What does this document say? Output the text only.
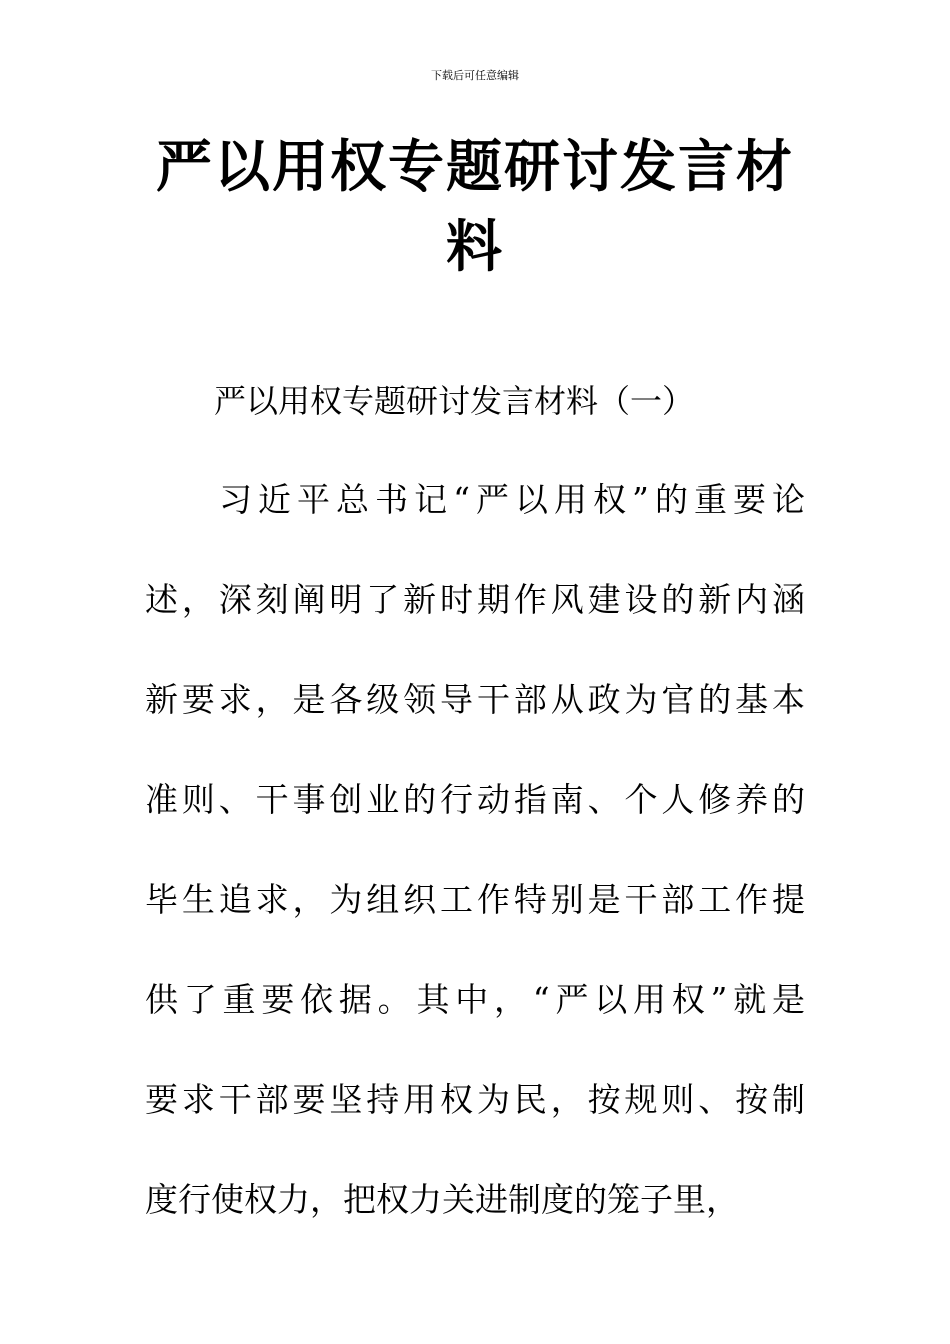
下载后可任意编辑
严以用权专题研讨发言材料
严以用权专题研讨发言材料（一）
习近平总书记“严以用权”的重要论
述，深刻阐明了新时期作风建设的新内涵
新要求，是各级领导干部从政为官的基本
准则、干事创业的行动指南、个人修养的
毕生追求，为组织工作特别是干部工作提
供了重要依据。其中，“严以用权”就是
要求干部要坚持用权为民，按规则、按制
度行使权力，把权力关进制度的笼子里，
